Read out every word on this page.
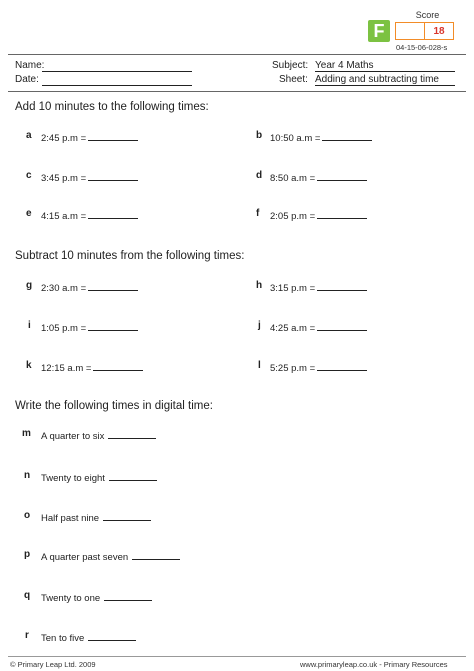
F
Score
18
04-15-06-028-s
Name:
Date:
Subject: Year 4 Maths
Sheet: Adding and subtracting time
Add 10 minutes to the following times:
a 2:45 p.m =	b 10:50 a.m =
c 3:45 p.m =	d 8:50 a.m =
e 4:15 a.m =	f 2:05 p.m =
Subtract 10 minutes from the following times:
g 2:30 a.m =	h 3:15 p.m =
i 1:05 p.m =	j 4:25 a.m =
k 12:15 a.m =	l 5:25 p.m =
Write the following times in digital time:
m A quarter to six
n Twenty to eight
o Half past nine
p A quarter past seven
q Twenty to one
r Ten to five
© Primary Leap Ltd. 2009	www.primaryleap.co.uk - Primary Resources
